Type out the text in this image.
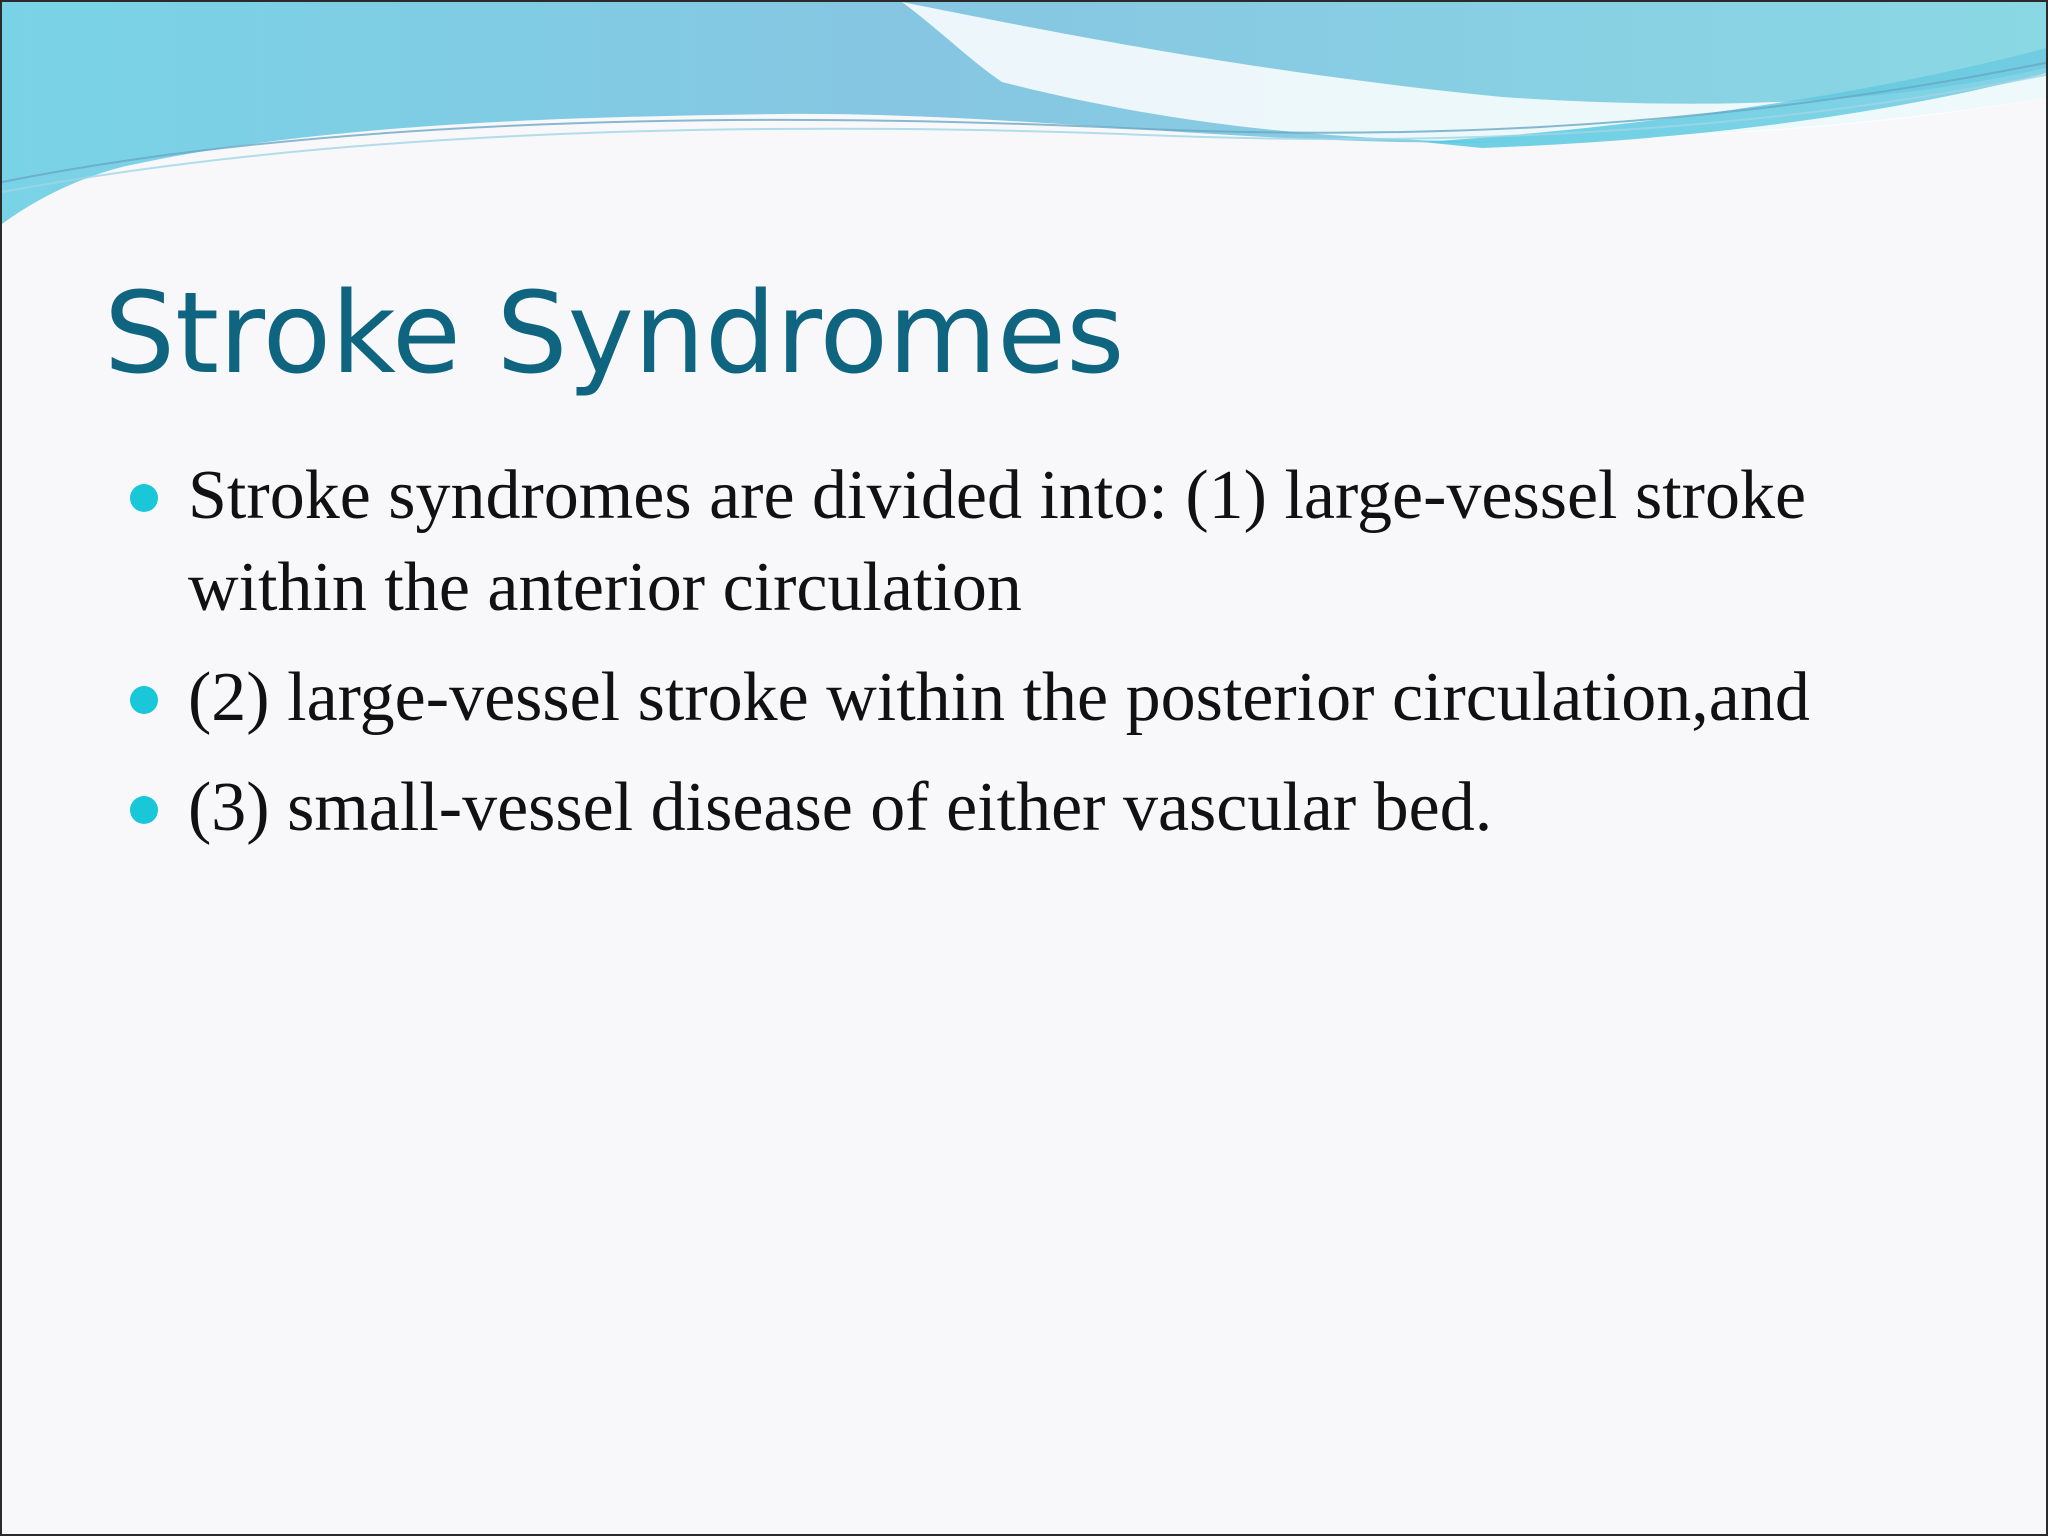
Stroke Syndromes
Stroke syndromes are divided into: (1) large-vessel stroke within the anterior circulation
(2) large-vessel stroke within the posterior circulation,and
(3) small-vessel disease of either vascular bed.
